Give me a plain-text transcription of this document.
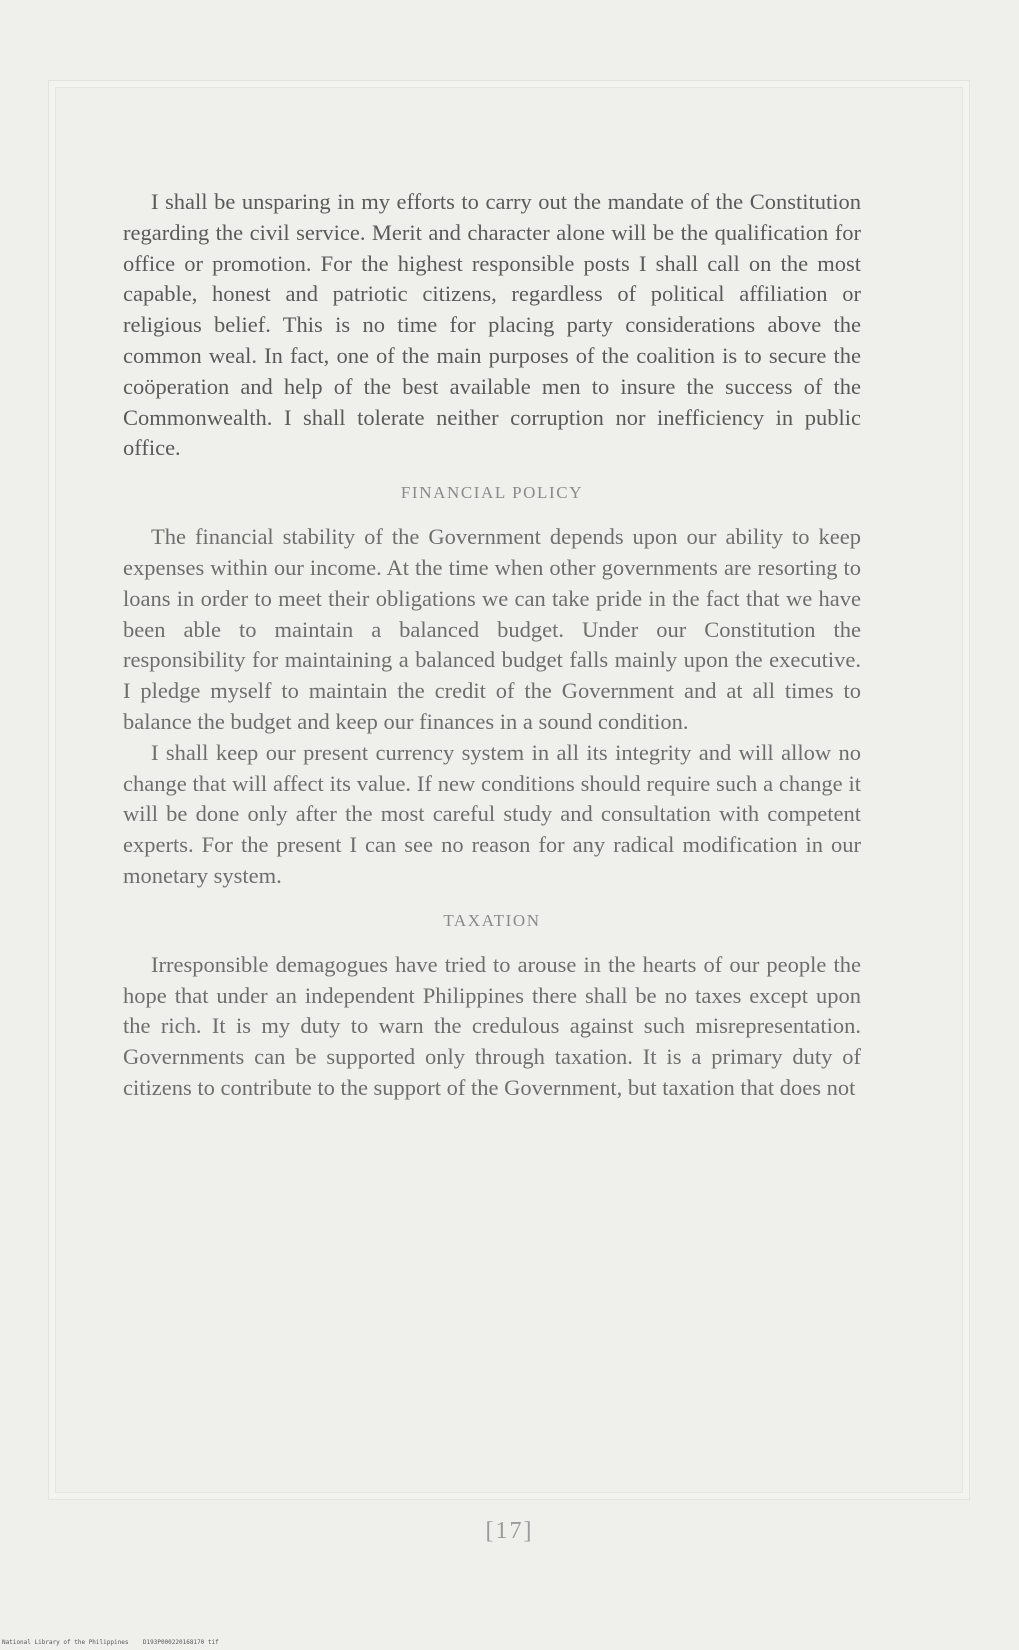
I shall be unsparing in my efforts to carry out the mandate of the Constitution regarding the civil service. Merit and character alone will be the qualification for office or promotion. For the highest responsible posts I shall call on the most capable, honest and patriotic citizens, regardless of political affiliation or religious belief. This is no time for placing party considerations above the common weal. In fact, one of the main purposes of the coalition is to secure the coöperation and help of the best available men to insure the success of the Commonwealth. I shall tolerate neither corruption nor inefficiency in public office.

FINANCIAL POLICY

The financial stability of the Government depends upon our ability to keep expenses within our income. At the time when other governments are resorting to loans in order to meet their obligations we can take pride in the fact that we have been able to maintain a balanced budget. Under our Constitution the responsibility for maintaining a balanced budget falls mainly upon the executive. I pledge myself to maintain the credit of the Government and at all times to balance the budget and keep our finances in a sound condition.

I shall keep our present currency system in all its integrity and will allow no change that will affect its value. If new conditions should require such a change it will be done only after the most careful study and consultation with competent experts. For the present I can see no reason for any radical modification in our monetary system.

TAXATION

Irresponsible demagogues have tried to arouse in the hearts of our people the hope that under an independent Philippines there shall be no taxes except upon the rich. It is my duty to warn the credulous against such misrepresentation. Governments can be supported only through taxation. It is a primary duty of citizens to contribute to the support of the Government, but taxation that does not

[17]
National Library of the Philippines    D193P000220168170 tif
